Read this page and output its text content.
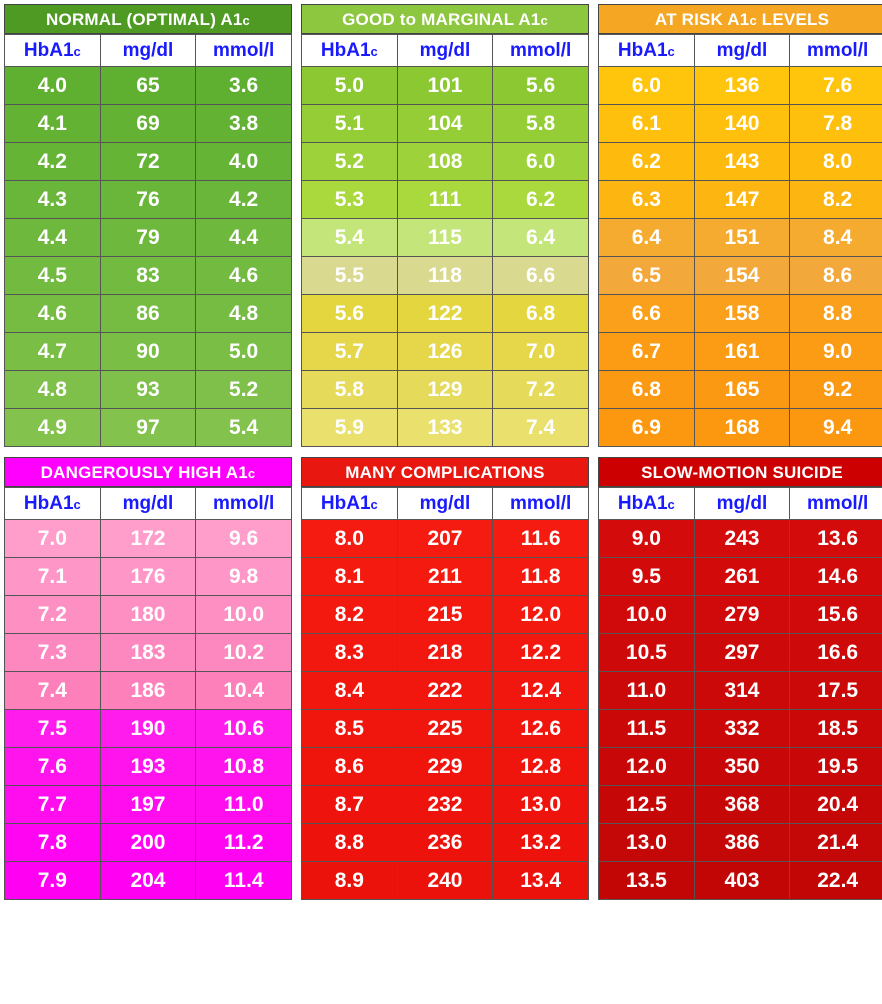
NORMAL (OPTIMAL) A1c
HbA1c	mg/dl	mmol/l
4.0	65	3.6
4.1	69	3.8
4.2	72	4.0
4.3	76	4.2
4.4	79	4.4
4.5	83	4.6
4.6	86	4.8
4.7	90	5.0
4.8	93	5.2
4.9	97	5.4
GOOD to MARGINAL A1c
HbA1c	mg/dl	mmol/l
5.0	101	5.6
5.1	104	5.8
5.2	108	6.0
5.3	111	6.2
5.4	115	6.4
5.5	118	6.6
5.6	122	6.8
5.7	126	7.0
5.8	129	7.2
5.9	133	7.4
AT RISK A1c LEVELS
HbA1c	mg/dl	mmol/l
6.0	136	7.6
6.1	140	7.8
6.2	143	8.0
6.3	147	8.2
6.4	151	8.4
6.5	154	8.6
6.6	158	8.8
6.7	161	9.0
6.8	165	9.2
6.9	168	9.4
DANGEROUSLY HIGH A1c
HbA1c	mg/dl	mmol/l
7.0	172	9.6
7.1	176	9.8
7.2	180	10.0
7.3	183	10.2
7.4	186	10.4
7.5	190	10.6
7.6	193	10.8
7.7	197	11.0
7.8	200	11.2
7.9	204	11.4
MANY COMPLICATIONS
HbA1c	mg/dl	mmol/l
8.0	207	11.6
8.1	211	11.8
8.2	215	12.0
8.3	218	12.2
8.4	222	12.4
8.5	225	12.6
8.6	229	12.8
8.7	232	13.0
8.8	236	13.2
8.9	240	13.4
SLOW-MOTION SUICIDE
HbA1c	mg/dl	mmol/l
9.0	243	13.6
9.5	261	14.6
10.0	279	15.6
10.5	297	16.6
11.0	314	17.5
11.5	332	18.5
12.0	350	19.5
12.5	368	20.4
13.0	386	21.4
13.5	403	22.4
